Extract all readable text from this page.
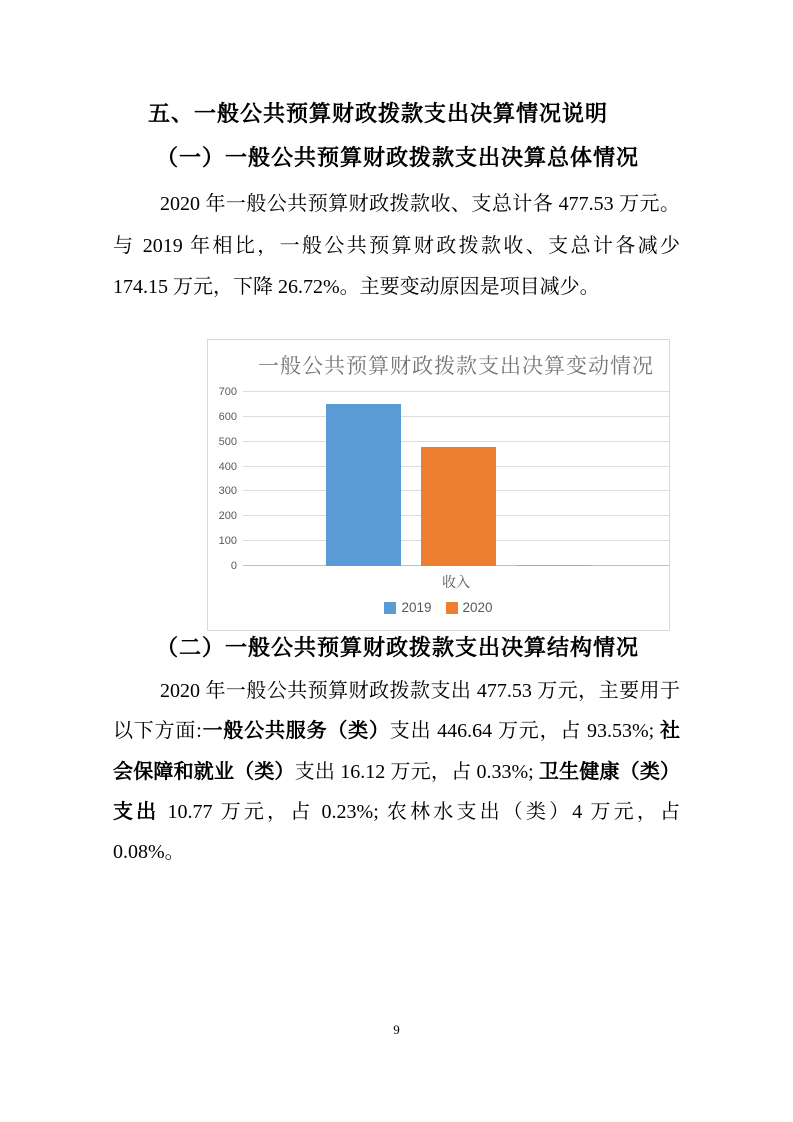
五、一般公共预算财政拨款支出决算情况说明
（一）一般公共预算财政拨款支出决算总体情况

2020 年一般公共预算财政拨款收、支总计各 477.53 万元。与 2019 年相比，一般公共预算财政拨款收、支总计各减少 174.15 万元，下降 26.72%。主要变动原因是项目减少。

一般公共预算财政拨款支出决算变动情况
0
100
200
300
400
500
600
700
收入
2019 2020
（二）一般公共预算财政拨款支出决算结构情况

2020 年一般公共预算财政拨款支出 477.53 万元，主要用于以下方面:一般公共服务（类）支出 446.64 万元，占 93.53%; 社会保障和就业（类）支出 16.12 万元，占 0.33%; 卫生健康（类）支出 10.77 万元，占 0.23%; 农林水支出（类）4 万元，占 0.08%。

9
